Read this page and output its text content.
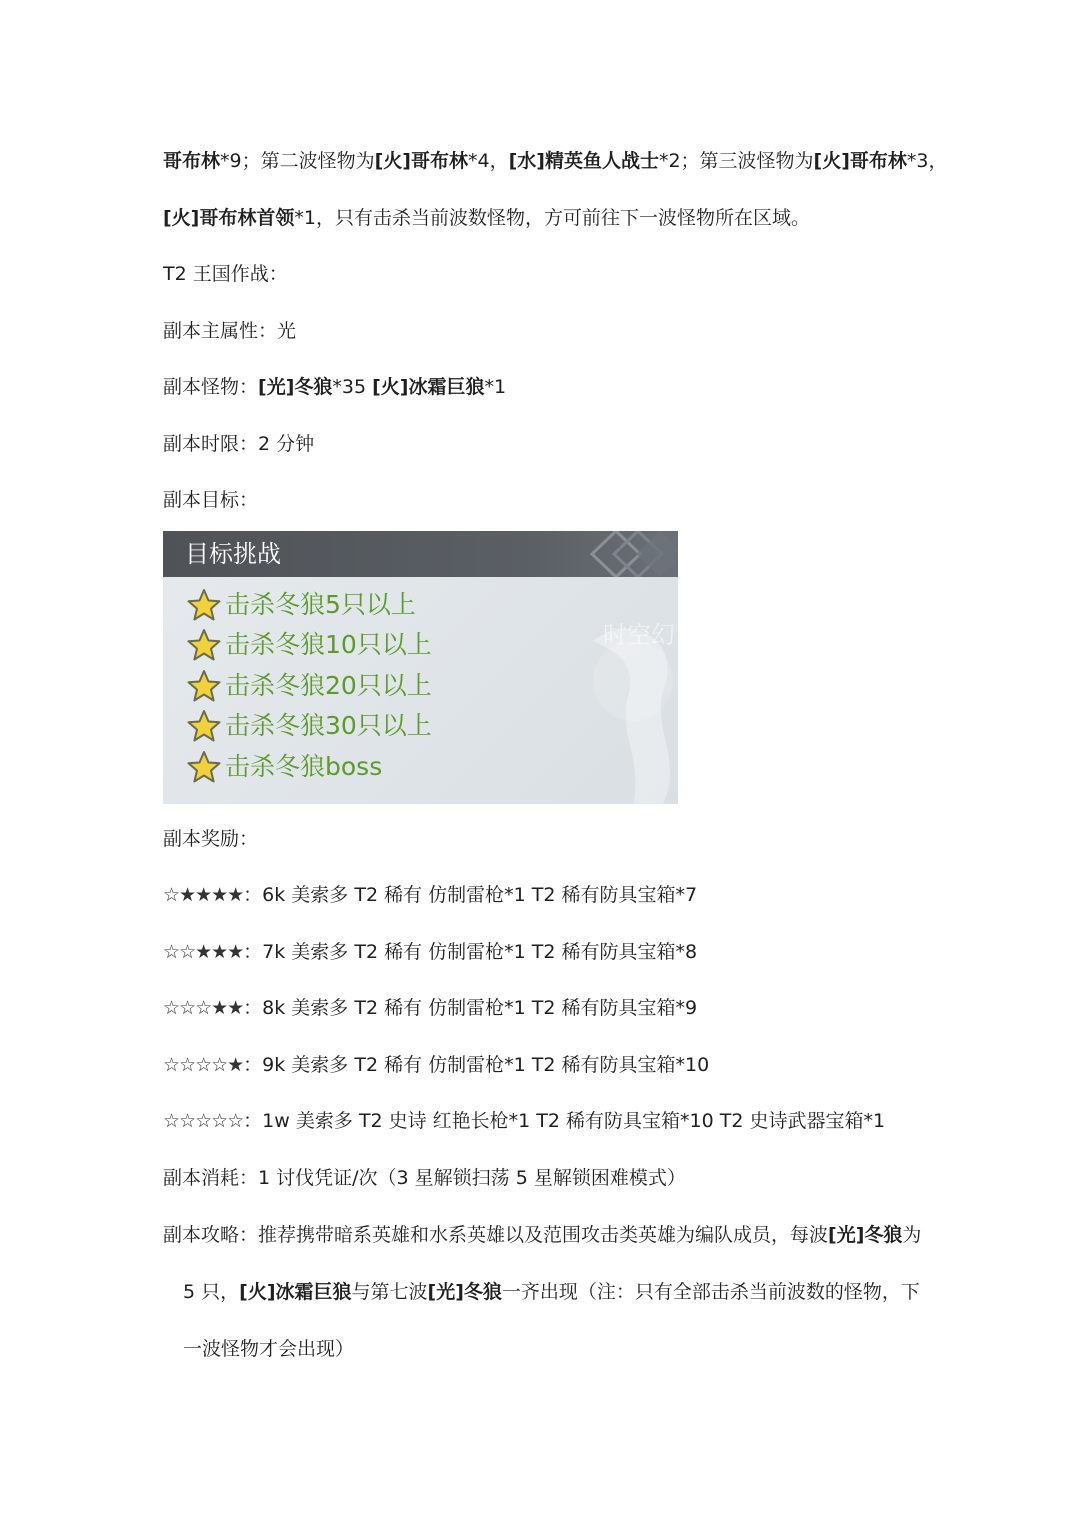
哥布林*9；第二波怪物为[火]哥布林*4，[水]精英鱼人战士*2；第三波怪物为[火]哥布林*3，
[火]哥布林首领*1，只有击杀当前波数怪物，方可前往下一波怪物所在区域。
T2 王国作战：
副本主属性：光
副本怪物：[光]冬狼*35 [火]冰霜巨狼*1
副本时限：2 分钟
副本目标：
时空幻
目标挑战
击杀冬狼5只以上
击杀冬狼10只以上
击杀冬狼20只以上
击杀冬狼30只以上
击杀冬狼boss
副本奖励：
☆★★★★：6k 美索多 T2 稀有 仿制雷枪*1 T2 稀有防具宝箱*7
☆☆★★★：7k 美索多 T2 稀有 仿制雷枪*1 T2 稀有防具宝箱*8
☆☆☆★★：8k 美索多 T2 稀有 仿制雷枪*1 T2 稀有防具宝箱*9
☆☆☆☆★：9k 美索多 T2 稀有 仿制雷枪*1 T2 稀有防具宝箱*10
☆☆☆☆☆：1w 美索多 T2 史诗 红艳长枪*1 T2 稀有防具宝箱*10 T2 史诗武器宝箱*1
副本消耗：1 讨伐凭证/次（3 星解锁扫荡 5 星解锁困难模式）
副本攻略：推荐携带暗系英雄和水系英雄以及范围攻击类英雄为编队成员，每波[光]冬狼为
5 只，[火]冰霜巨狼与第七波[光]冬狼一齐出现（注：只有全部击杀当前波数的怪物，下
一波怪物才会出现）
